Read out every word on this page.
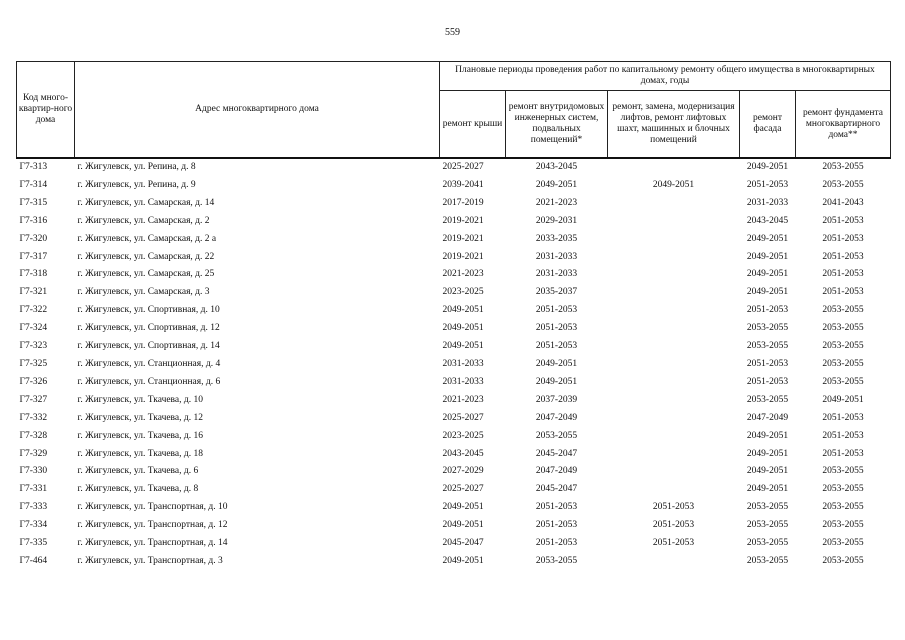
559
Код много-квартир-ного дома	Адрес многоквартирного дома	Плановые периоды проведения работ по капитальному ремонту общего имущества в многоквартирных домах, годы				
		ремонт крыши	ремонт внутридомовых инженерных систем, подвальных помещений*	ремонт, замена, модернизация лифтов, ремонт лифтовых шахт, машинных и блочных помещений	ремонт фасада	ремонт фундамента многоквартирного дома**
Г7-313	г. Жигулевск, ул. Репина, д. 8	2025-2027	2043-2045		2049-2051	2053-2055
Г7-314	г. Жигулевск, ул. Репина, д. 9	2039-2041	2049-2051	2049-2051	2051-2053	2053-2055
Г7-315	г. Жигулевск, ул. Самарская, д. 14	2017-2019	2021-2023		2031-2033	2041-2043
Г7-316	г. Жигулевск, ул. Самарская, д. 2	2019-2021	2029-2031		2043-2045	2051-2053
Г7-320	г. Жигулевск, ул. Самарская, д. 2 а	2019-2021	2033-2035		2049-2051	2051-2053
Г7-317	г. Жигулевск, ул. Самарская, д. 22	2019-2021	2031-2033		2049-2051	2051-2053
Г7-318	г. Жигулевск, ул. Самарская, д. 25	2021-2023	2031-2033		2049-2051	2051-2053
Г7-321	г. Жигулевск, ул. Самарская, д. 3	2023-2025	2035-2037		2049-2051	2051-2053
Г7-322	г. Жигулевск, ул. Спортивная, д. 10	2049-2051	2051-2053		2051-2053	2053-2055
Г7-324	г. Жигулевск, ул. Спортивная, д. 12	2049-2051	2051-2053		2053-2055	2053-2055
Г7-323	г. Жигулевск, ул. Спортивная, д. 14	2049-2051	2051-2053		2053-2055	2053-2055
Г7-325	г. Жигулевск, ул. Станционная, д. 4	2031-2033	2049-2051		2051-2053	2053-2055
Г7-326	г. Жигулевск, ул. Станционная, д. 6	2031-2033	2049-2051		2051-2053	2053-2055
Г7-327	г. Жигулевск, ул. Ткачева, д. 10	2021-2023	2037-2039		2053-2055	2049-2051
Г7-332	г. Жигулевск, ул. Ткачева, д. 12	2025-2027	2047-2049		2047-2049	2051-2053
Г7-328	г. Жигулевск, ул. Ткачева, д. 16	2023-2025	2053-2055		2049-2051	2051-2053
Г7-329	г. Жигулевск, ул. Ткачева, д. 18	2043-2045	2045-2047		2049-2051	2051-2053
Г7-330	г. Жигулевск, ул. Ткачева, д. 6	2027-2029	2047-2049		2049-2051	2053-2055
Г7-331	г. Жигулевск, ул. Ткачева, д. 8	2025-2027	2045-2047		2049-2051	2053-2055
Г7-333	г. Жигулевск, ул. Транспортная, д. 10	2049-2051	2051-2053	2051-2053	2053-2055	2053-2055
Г7-334	г. Жигулевск, ул. Транспортная, д. 12	2049-2051	2051-2053	2051-2053	2053-2055	2053-2055
Г7-335	г. Жигулевск, ул. Транспортная, д. 14	2045-2047	2051-2053	2051-2053	2053-2055	2053-2055
Г7-464	г. Жигулевск, ул. Транспортная, д. 3	2049-2051	2053-2055		2053-2055	2053-2055
